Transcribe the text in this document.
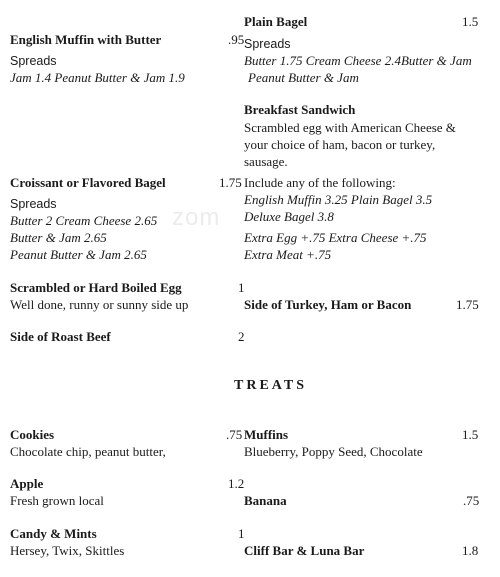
zom
English Muffin with Butter	.95
Spreads
Jam 1.4 Peanut Butter & Jam 1.9
Croissant or Flavored Bagel	1.75
Spreads
Butter 2 Cream Cheese 2.65
Butter & Jam 2.65
Peanut Butter & Jam 2.65
Scrambled or Hard Boiled Egg	1
Well done, runny or sunny side up
Side of Roast Beef	2
Plain Bagel	1.5
Spreads
Butter 1.75 Cream Cheese 2.4Butter & Jam
Peanut Butter & Jam
Breakfast Sandwich
Scrambled egg with American Cheese &
your choice of ham, bacon or turkey,
sausage.
Include any of the following:
English Muffin 3.25 Plain Bagel 3.5
Deluxe Bagel 3.8
Extra Egg +.75 Extra Cheese +.75
Extra Meat +.75
Side of Turkey, Ham or Bacon	1.75
TREATS
Cookies	.75
Chocolate chip, peanut butter,
Muffins	1.5
Blueberry, Poppy Seed, Chocolate
Apple	1.2
Fresh grown local	Banana	.75
Candy & Mints	1
Hersey, Twix, Skittles	Cliff Bar & Luna Bar	1.8
